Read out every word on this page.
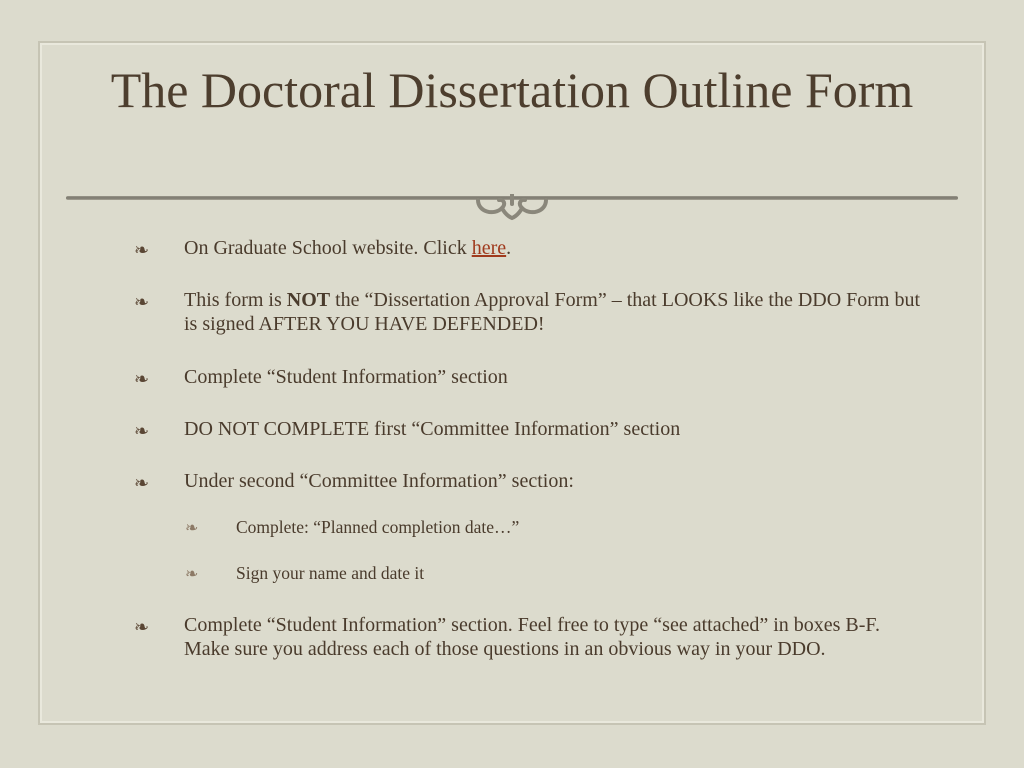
The Doctoral Dissertation Outline Form
❧ On Graduate School website. Click here.
❧ This form is NOT the “Dissertation Approval Form” – that LOOKS like the DDO Form but is signed AFTER YOU HAVE DEFENDED!
❧ Complete “Student Information” section
❧ DO NOT COMPLETE first “Committee Information” section
❧ Under second “Committee Information” section:
❧ Complete: “Planned completion date…”
❧ Sign your name and date it
❧ Complete “Student Information” section. Feel free to type “see attached” in boxes B-F. Make sure you address each of those questions in an obvious way in your DDO.
